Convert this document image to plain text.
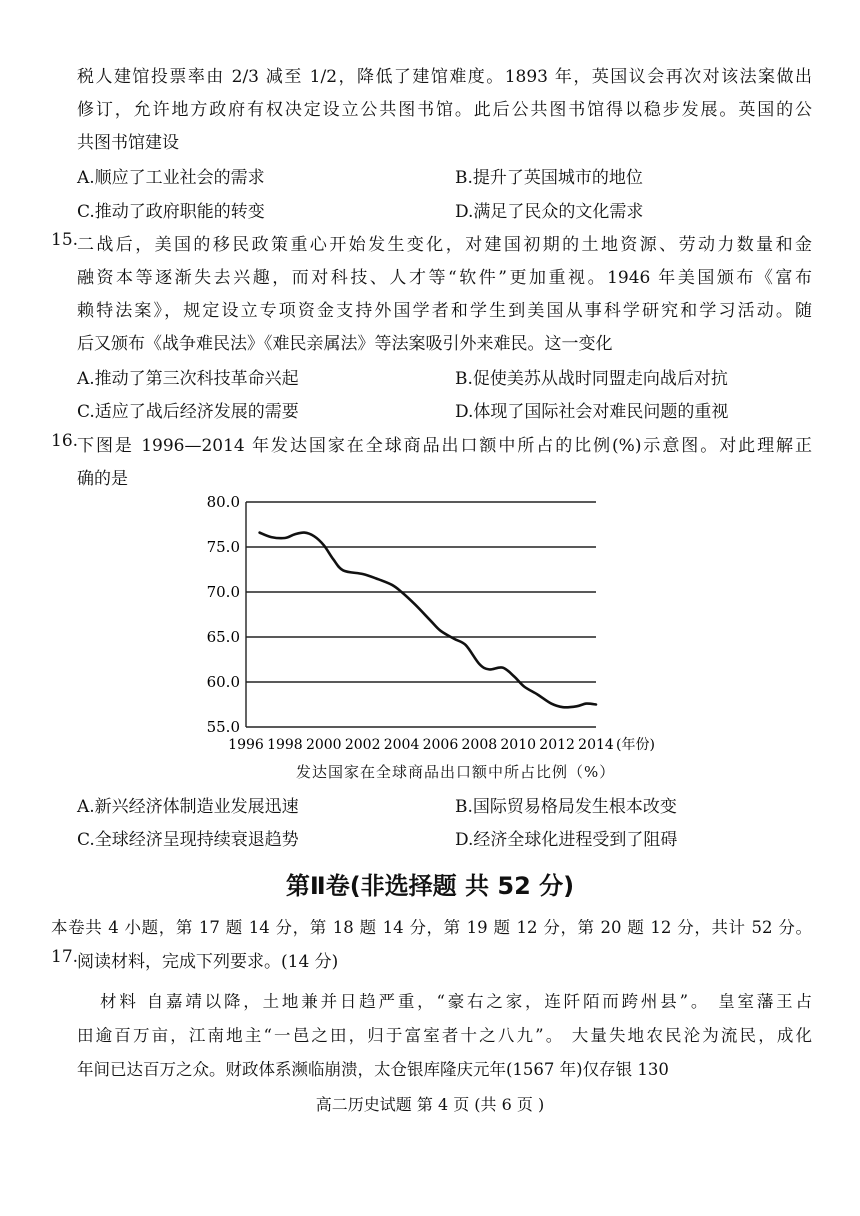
税人建馆投票率由 2/3 减至 1/2，降低了建馆难度。1893 年，英国议会再次对该法案做出
修订，允许地方政府有权决定设立公共图书馆。此后公共图书馆得以稳步发展。英国的公
共图书馆建设
A.顺应了工业社会的需求	B.提升了英国城市的地位
C.推动了政府职能的转变	D.满足了民众的文化需求
15.
二战后，美国的移民政策重心开始发生变化，对建国初期的土地资源、劳动力数量和金
融资本等逐渐失去兴趣，而对科技、人才等“软件”更加重视。1946 年美国颁布《富布
赖特法案》，规定设立专项资金支持外国学者和学生到美国从事科学研究和学习活动。随
后又颁布《战争难民法》《难民亲属法》等法案吸引外来难民。这一变化
A.推动了第三次科技革命兴起	B.促使美苏从战时同盟走向战后对抗
C.适应了战后经济发展的需要	D.体现了国际社会对难民问题的重视
16.
下图是 1996—2014 年发达国家在全球商品出口额中所占的比例(%)示意图。对此理解正
确的是
80.0
75.0
70.0
65.0
60.0
55.0
1996 1998 2000 2002 2004 2006 2008 2010 2012 2014 (年份)
发达国家在全球商品出口额中所占比例（%）
A.新兴经济体制造业发展迅速	B.国际贸易格局发生根本改变
C.全球经济呈现持续衰退趋势	D.经济全球化进程受到了阻碍
第Ⅱ卷(非选择题 共 52 分)
本卷共 4 小题，第 17 题 14 分，第 18 题 14 分，第 19 题 12 分，第 20 题 12 分，共计 52 分。
17.
阅读材料，完成下列要求。(14 分)
材料 自嘉靖以降，土地兼并日趋严重，“豪右之家，连阡陌而跨州县”。 皇室藩王占
田逾百万亩，江南地主“一邑之田，归于富室者十之八九”。 大量失地农民沦为流民，成化
年间已达百万之众。财政体系濒临崩溃，太仓银库隆庆元年(1567 年)仅存银 130
高二历史试题 第 4 页 (共 6 页 )
